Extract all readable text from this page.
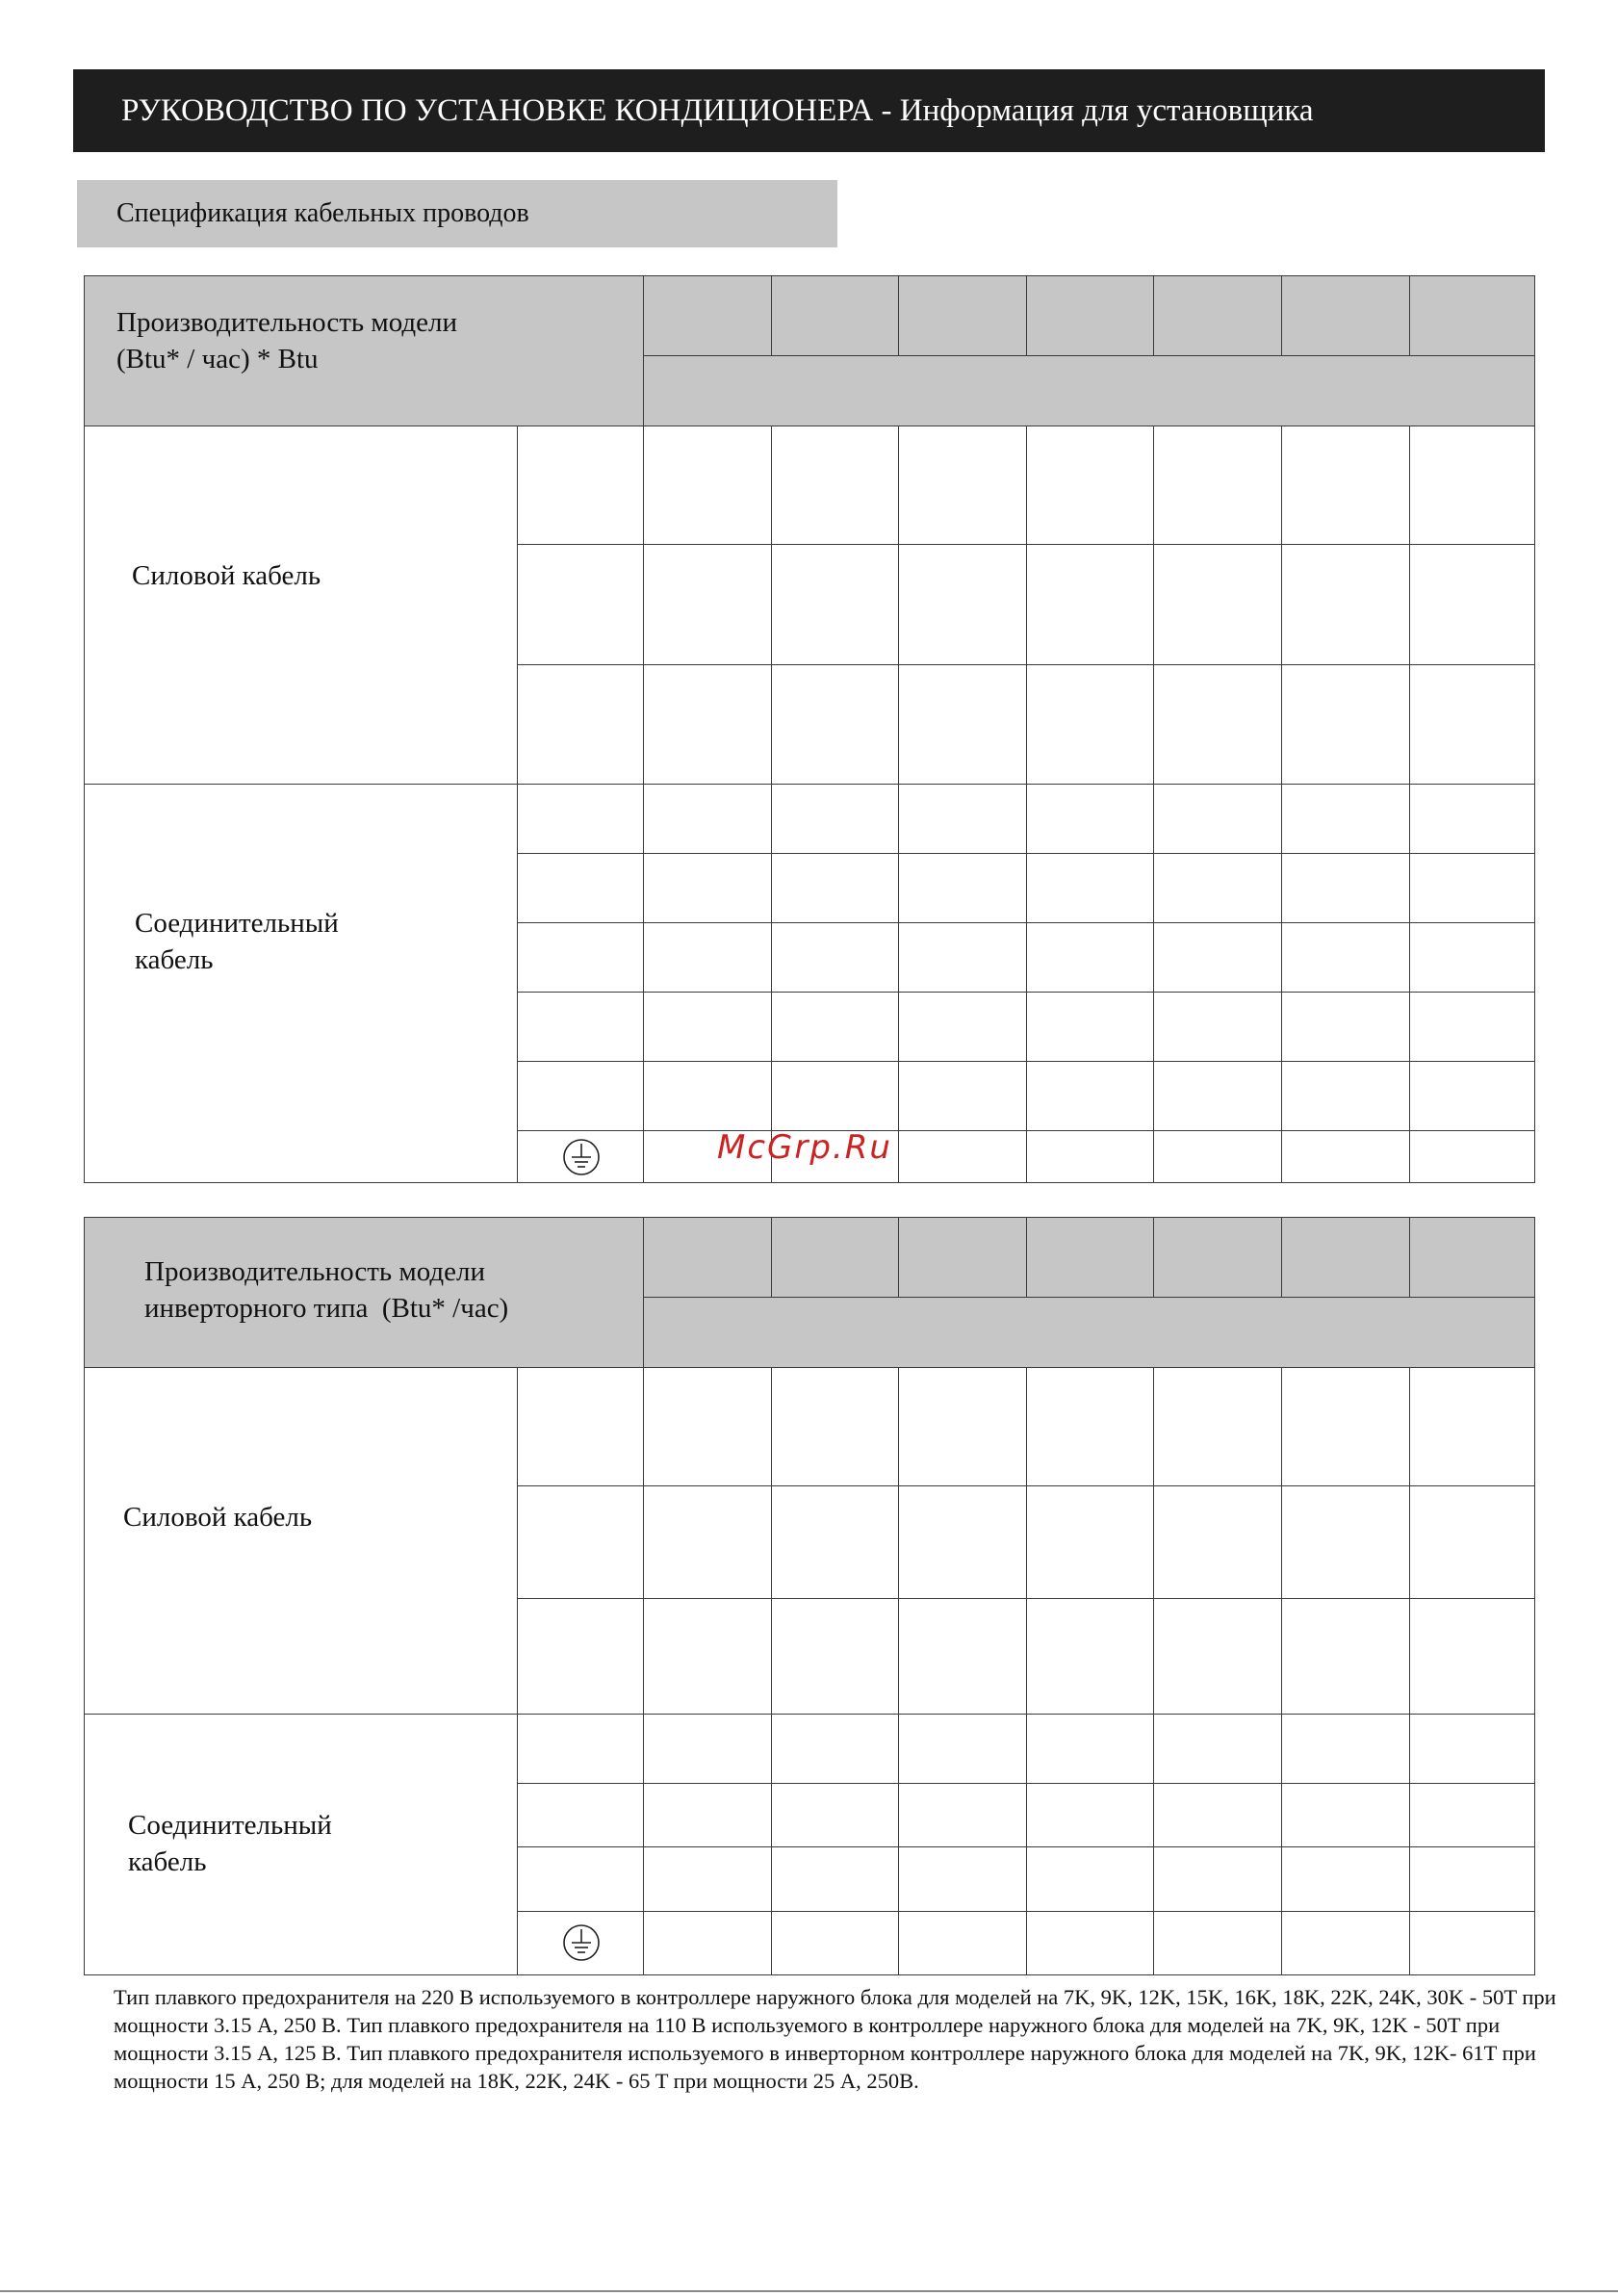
РУКОВОДСТВО ПО УСТАНОВКЕ КОНДИЦИОНЕРА - Информация для установщика
Спецификация кабельных проводов
Производительность модели
(Btu* / час) * Btu
Силовой кабель
Соединительный
кабель
Производительность модели
инверторного типа  (Btu* /час)
Силовой кабель
Соединительный
кабель
McGrp.Ru
Тип плавкого предохранителя на 220 В используемого в контроллере наружного блока для моделей на 7K, 9K, 12K, 15K, 16K, 18K, 22K, 24K, 30K - 50T при мощности 3.15 А, 250 В. Тип плавкого предохранителя на 110 В используемого в контроллере наружного блока для моделей на 7K, 9K, 12K - 50T при мощности 3.15 А, 125 В. Тип плавкого предохранителя используемого в инверторном контроллере наружного блока для моделей на 7K, 9K, 12K- 61T при мощности 15 А, 250 В; для моделей на 18K, 22K, 24K - 65 T при мощности 25 А, 250В.
